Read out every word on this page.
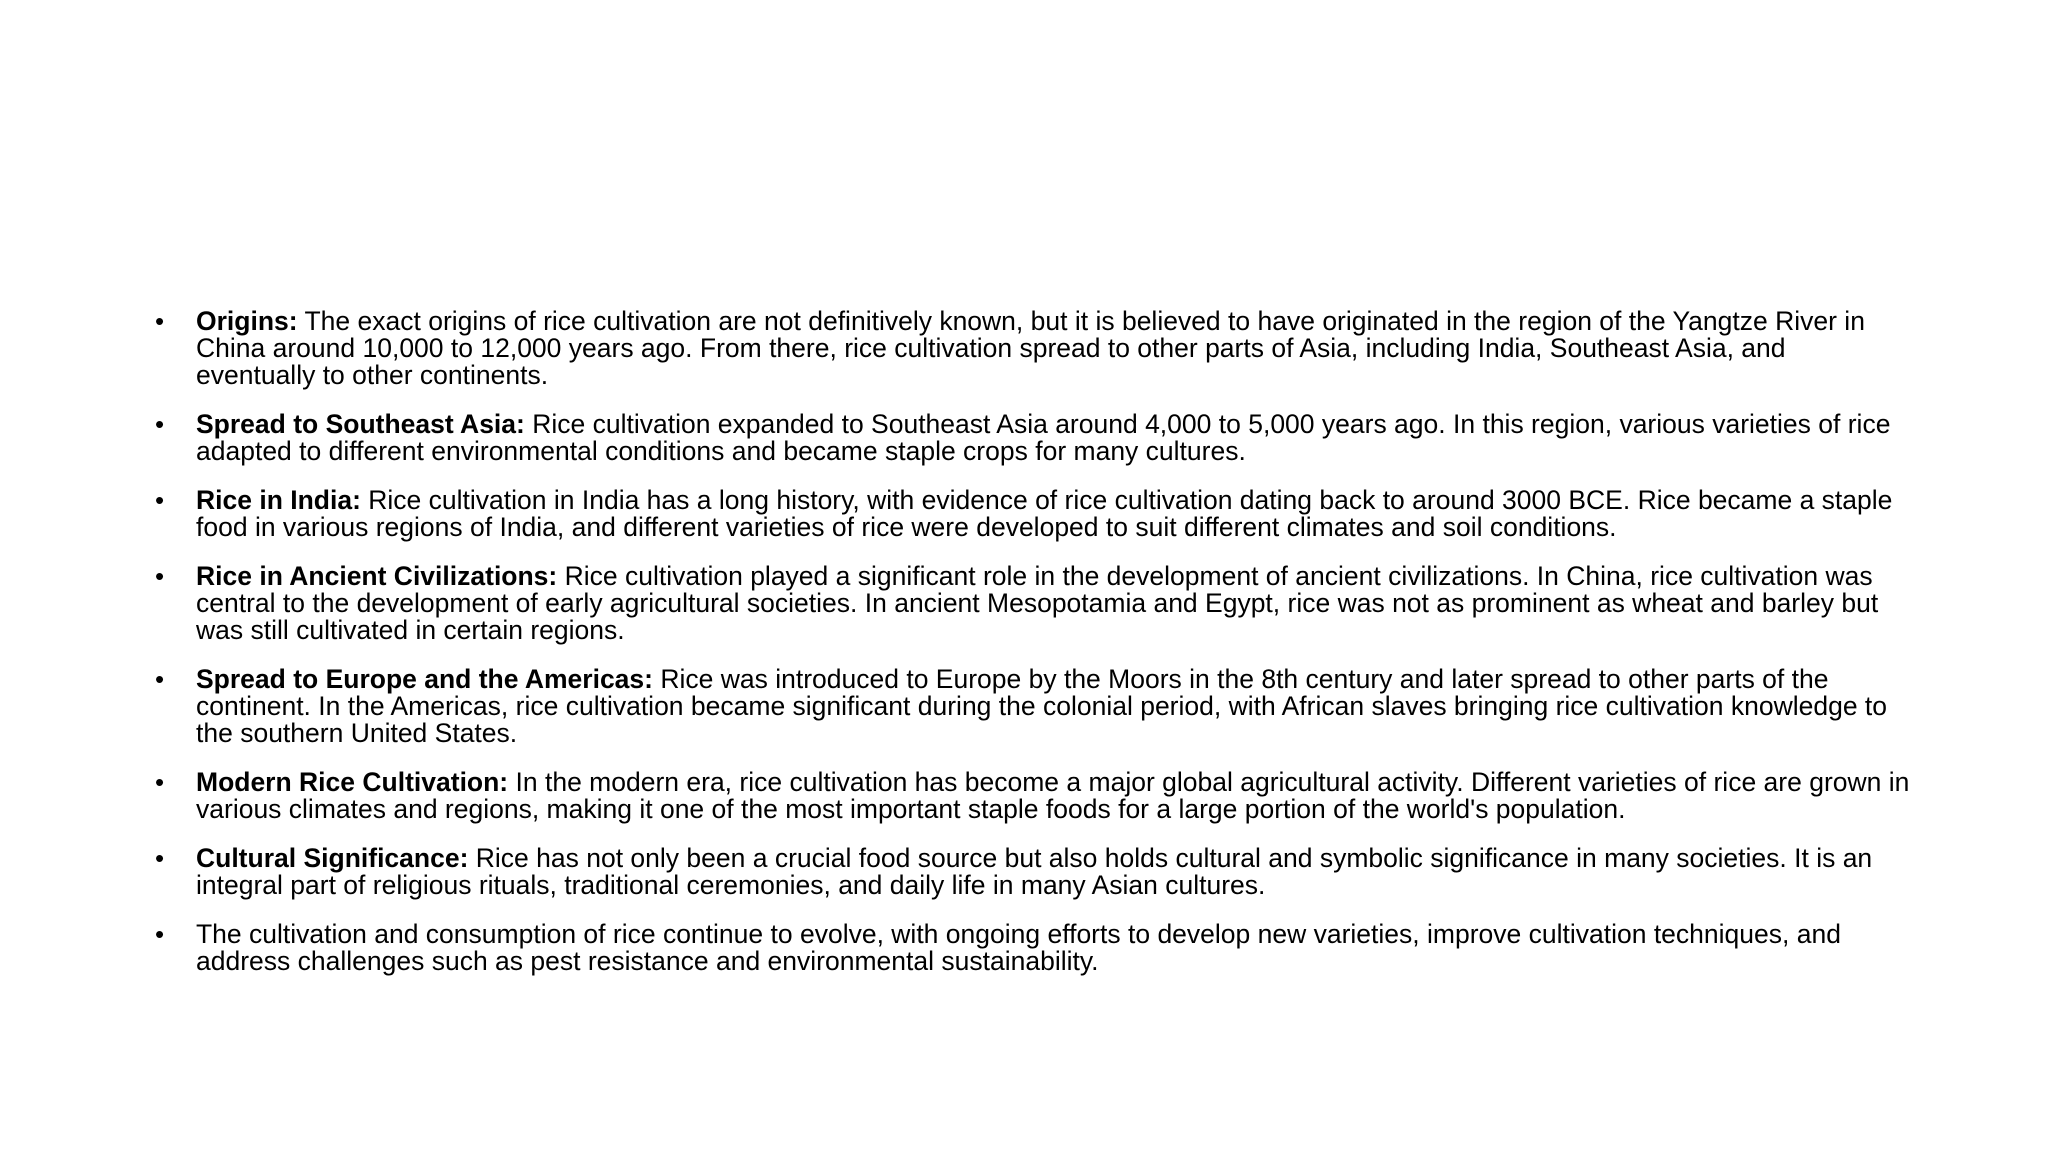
• Origins: The exact origins of rice cultivation are not definitively known, but it is believed to have originated in the region of the Yangtze River in China around 10,000 to 12,000 years ago. From there, rice cultivation spread to other parts of Asia, including India, Southeast Asia, and eventually to other continents.
• Spread to Southeast Asia: Rice cultivation expanded to Southeast Asia around 4,000 to 5,000 years ago. In this region, various varieties of rice adapted to different environmental conditions and became staple crops for many cultures.
• Rice in India: Rice cultivation in India has a long history, with evidence of rice cultivation dating back to around 3000 BCE. Rice became a staple food in various regions of India, and different varieties of rice were developed to suit different climates and soil conditions.
• Rice in Ancient Civilizations: Rice cultivation played a significant role in the development of ancient civilizations. In China, rice cultivation was central to the development of early agricultural societies. In ancient Mesopotamia and Egypt, rice was not as prominent as wheat and barley but was still cultivated in certain regions.
• Spread to Europe and the Americas: Rice was introduced to Europe by the Moors in the 8th century and later spread to other parts of the continent. In the Americas, rice cultivation became significant during the colonial period, with African slaves bringing rice cultivation knowledge to the southern United States.
• Modern Rice Cultivation: In the modern era, rice cultivation has become a major global agricultural activity. Different varieties of rice are grown in various climates and regions, making it one of the most important staple foods for a large portion of the world's population.
• Cultural Significance: Rice has not only been a crucial food source but also holds cultural and symbolic significance in many societies. It is an integral part of religious rituals, traditional ceremonies, and daily life in many Asian cultures.
• The cultivation and consumption of rice continue to evolve, with ongoing efforts to develop new varieties, improve cultivation techniques, and address challenges such as pest resistance and environmental sustainability.
